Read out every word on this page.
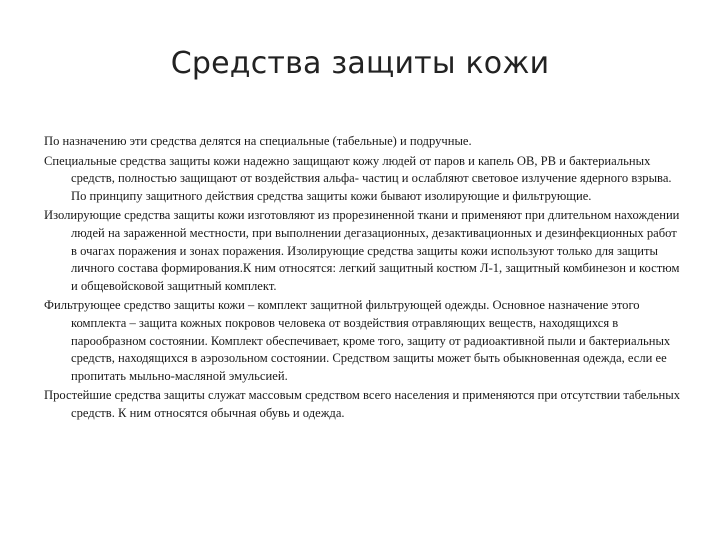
Средства защиты кожи

По назначению эти средства делятся на специальные (табельные) и подручные.

Специальные средства защиты кожи надежно защищают кожу людей от паров и капель ОВ, РВ и бактериальных средств, полностью защищают от воздействия альфа- частиц и ослабляют световое излучение ядерного взрыва. По принципу защитного действия средства защиты кожи бывают изолирующие и фильтрующие.

Изолирующие средства защиты кожи изготовляют из прорезиненной ткани и применяют при длительном нахождении людей на зараженной местности, при выполнении дегазационных, дезактивационных и дезинфекционных работ в очагах поражения и зонах поражения. Изолирующие средства защиты кожи используют только для защиты личного состава формирования.К ним относятся: легкий защитный костюм Л-1, защитный комбинезон и костюм и общевойсковой защитный комплект.

Фильтрующее средство защиты кожи – комплект защитной фильтрующей одежды. Основное назначение этого комплекта – защита кожных покровов человека от воздействия отравляющих веществ, находящихся в парообразном состоянии. Комплект обеспечивает, кроме того, защиту от радиоактивной пыли и бактериальных средств, находящихся в аэрозольном состоянии. Средством защиты может быть обыкновенная одежда, если ее пропитать мыльно-масляной эмульсией.

Простейшие средства защиты служат массовым средством всего населения и применяются при отсутствии табельных средств. К ним относятся обычная обувь и одежда.
